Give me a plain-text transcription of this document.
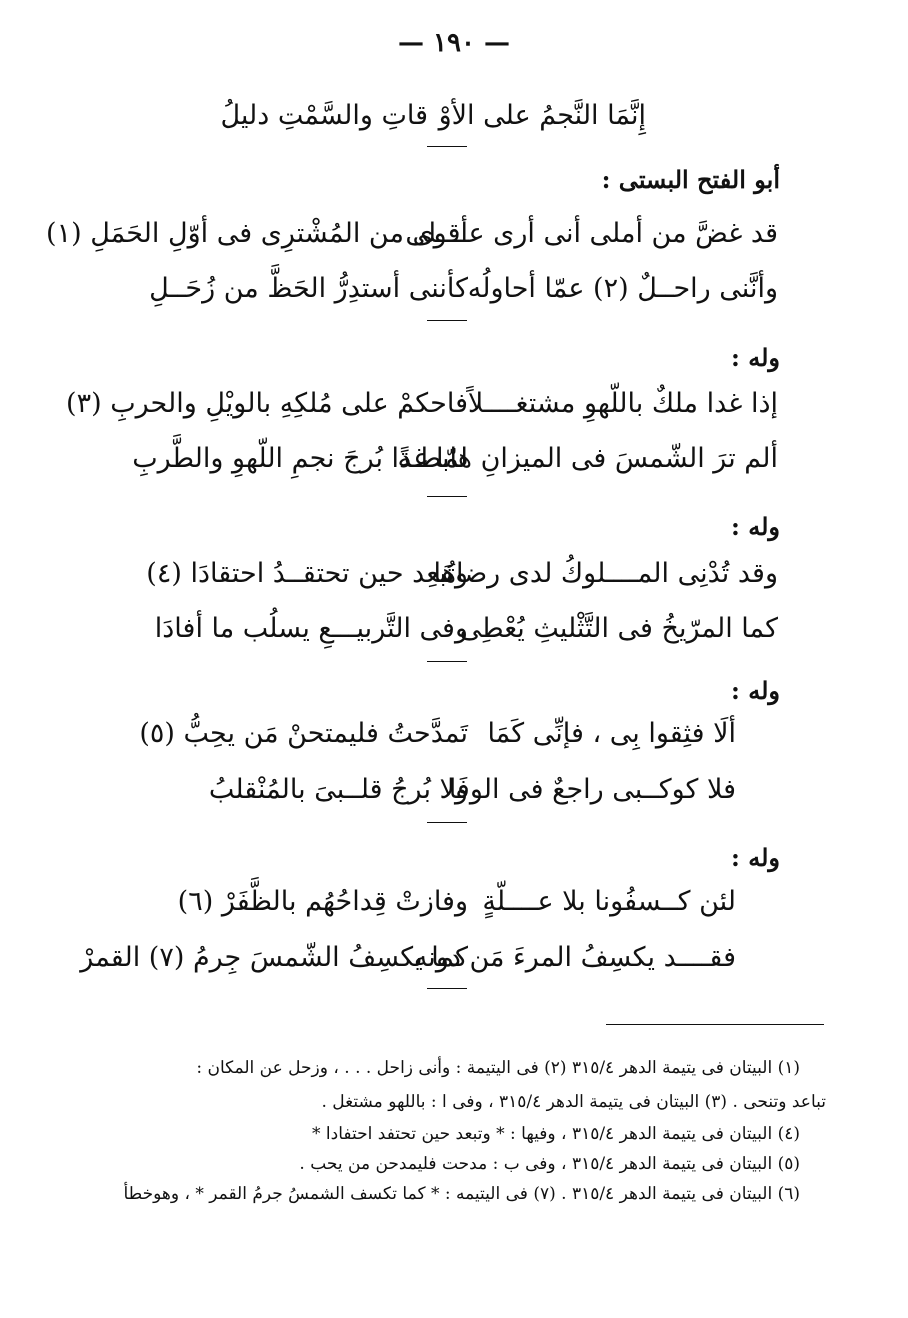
— ١٩٠ —
إِنَّمَا النَّجمُ على الأوْ
قاتِ والسَّمْتِ دليلُ
أبو الفتح البستى :
قد غضَّ من أملى أنى أرى عــــلى
أقوى من المُشْترِى فى أوّلِ الحَمَلِ (١)
وأنَّنى راحــلٌ (٢) عمّا أحاولُه
كأننى أستدِرُّ الحَظَّ من زُحَــلِ
وله :
إذا غدا ملكٌ باللّهوِ مشتغــــلاً
فاحكمْ على مُلكِهِ بالويْلِ والحربِ (٣)
ألم ترَ الشّمسَ فى الميزانِ هابطـةً
لمّا غدا بُرجَ نجمِ اللّهوِ والطَّربِ
وله :
وقد تُدْنِى المــــلوكُ لدى رضاهَا
وتُبعِد حين تحتقــدُ احتقادَا (٤)
كما المرّيخُ فى التَّثْليثِ يُعْطِى
وفى التَّربيـــعِ يسلُب ما أفادَا
وله :
ألَا فثِقوا بِى ، فإنِّى كَمَا
تَمدَّحتُ فليمتحنْ مَن يحِبُّ (٥)
فلا كوكــبى راجعٌ فى الوفَا
ولا بُرجُ قلــبىَ بالمُنْقلبُ
وله :
لئن كــسفُونا بلا عــــلّةٍ
وفازتْ قِداحُهُم بالظَّفَرْ (٦)
فقــــد يكسِفُ المرءَ مَن دونه
كما يكسِفُ الشّمسَ جِرمُ (٧) القمرْ
(١) البيتان فى يتيمة الدهر ٣١٥/٤ (٢) فى اليتيمة : وأنى زاحل . . . ، وزحل عن المكان :
تباعد وتنحى . (٣) البيتان فى يتيمة الدهر ٣١٥/٤ ، وفى ا : باللهو مشتغل .
(٤) البيتان فى يتيمة الدهر ٣١٥/٤ ، وفيها : * وتبعد حين تحتفد احتفادا *
(٥) البيتان فى يتيمة الدهر ٣١٥/٤ ، وفى ب : مدحت فليمدحن من يحب .
(٦) البيتان فى يتيمة الدهر ٣١٥/٤ . (٧) فى اليتيمه : * كما تكسف الشمسُ جرمُ القمر * ، وهوخطأ
